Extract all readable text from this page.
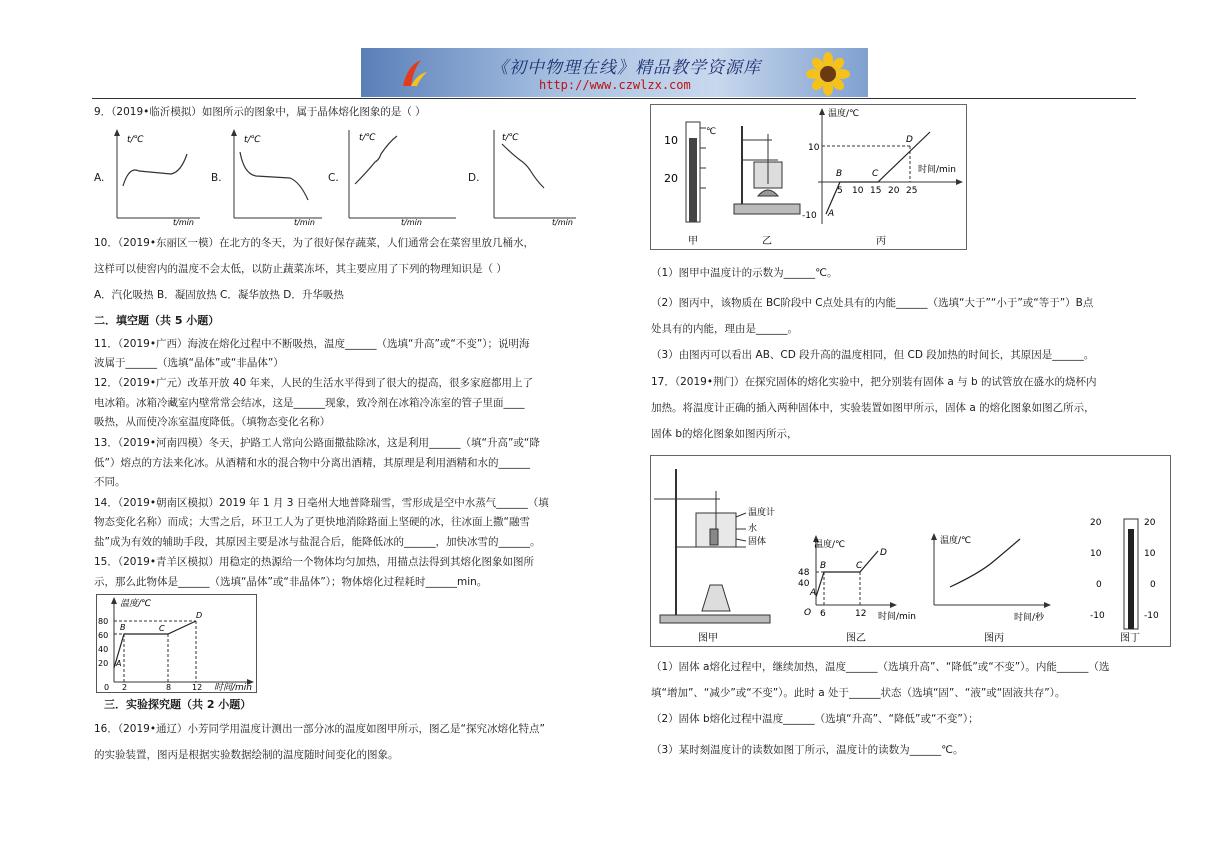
《初中物理在线》精品教学资源库
http://www.czwlzx.com
9．（2019•临沂模拟）如图所示的图象中，属于晶体熔化图象的是（ ）
A.	B.	C.	D.
t/℃
t/min
t/℃
t/min
t/℃
t/min
t/℃
t/min
10．（2019•东丽区一模）在北方的冬天，为了很好保存蔬菜，人们通常会在菜窖里放几桶水，
这样可以使窖内的温度不会太低，以防止蔬菜冻坏，其主要应用了下列的物理知识是（ ）
A．汽化吸热 B．凝固放热 C．凝华放热 D．升华吸热
二．填空题（共 5 小题）
11．（2019•广西）海波在熔化过程中不断吸热，温度______（选填“升高”或“不变”）；说明海
波属于______（选填“晶体”或“非晶体”）
12．（2019•广元）改革开放 40 年来，人民的生活水平得到了很大的提高，很多家庭都用上了
电冰箱。冰箱冷藏室内壁常常会结冰，这是______现象，致冷剂在冰箱冷冻室的管子里面____
吸热，从而使冷冻室温度降低。（填物态变化名称）
13．（2019•河南四模）冬天，护路工人常向公路面撒盐除冰，这是利用______（填“升高”或“降
低”）熔点的方法来化冰。从酒精和水的混合物中分离出酒精，其原理是利用酒精和水的______
不同。
14．（2019•朝南区模拟）2019 年 1 月 3 日亳州大地普降瑞雪，雪形成是空中水蒸气______（填
物态变化名称）而成；大雪之后，环卫工人为了更快地消除路面上坚硬的冰，往冰面上撒“融雪
盐”成为有效的辅助手段，其原因主要是冰与盐混合后，能降低冰的______，加快冰雪的______。
15．（2019•青羊区模拟）用稳定的热源给一个物体均匀加热，用描点法得到其熔化图象如图所
示，那么此物体是______（选填“晶体”或“非晶体”）；物体熔化过程耗时______min。
温度/℃
时间/min
80
60
40
20
0 2	8	12
A
B	C
D
三．实验探究题（共 2 小题）
16．（2019•通辽）小芳同学用温度计测出一部分冰的温度如图甲所示，图乙是“探究冰熔化特点”
的实验装置，图丙是根据实验数据绘制的温度随时间变化的图象。
℃
10
20
乙
甲
温度/℃
时间/min
10
-10
5 10 15 20 25
A
B	C
D
丙
（1）图甲中温度计的示数为______℃。
（2）图丙中，该物质在 BC阶段中 C点处具有的内能______（选填“大于”“小于”或“等于”）B点
处具有的内能，理由是______。
（3）由图丙可以看出 AB、CD 段升高的温度相同，但 CD 段加热的时间长，其原因是______。
17．（2019•荆门）在探究固体的熔化实验中，把分别装有固体 a 与 b 的试管放在盛水的烧杯内
加热。将温度计正确的插入两种固体中，实验装置如图甲所示，固体 a 的熔化图象如图乙所示，
固体 b的熔化图象如图丙所示，
温度计
水
固体
图甲
温度/℃
时间/min
48
40
O 6	12
A
B	C
D
图乙
温度/℃
时间/秒
图丙
20
10
0
-10
20
10
0
-10
图丁
（1）固体 a熔化过程中，继续加热，温度______（选填升高”、“降低”或“不变”）。内能______（选
填“增加”、“减少”或“不变”）。此时 a 处于______状态（选填“固”、“液”或“固液共存”）。
（2）固体 b熔化过程中温度______（选填“升高”、“降低”或“不变”）；
（3）某时刻温度计的读数如图丁所示，温度计的读数为______℃。
